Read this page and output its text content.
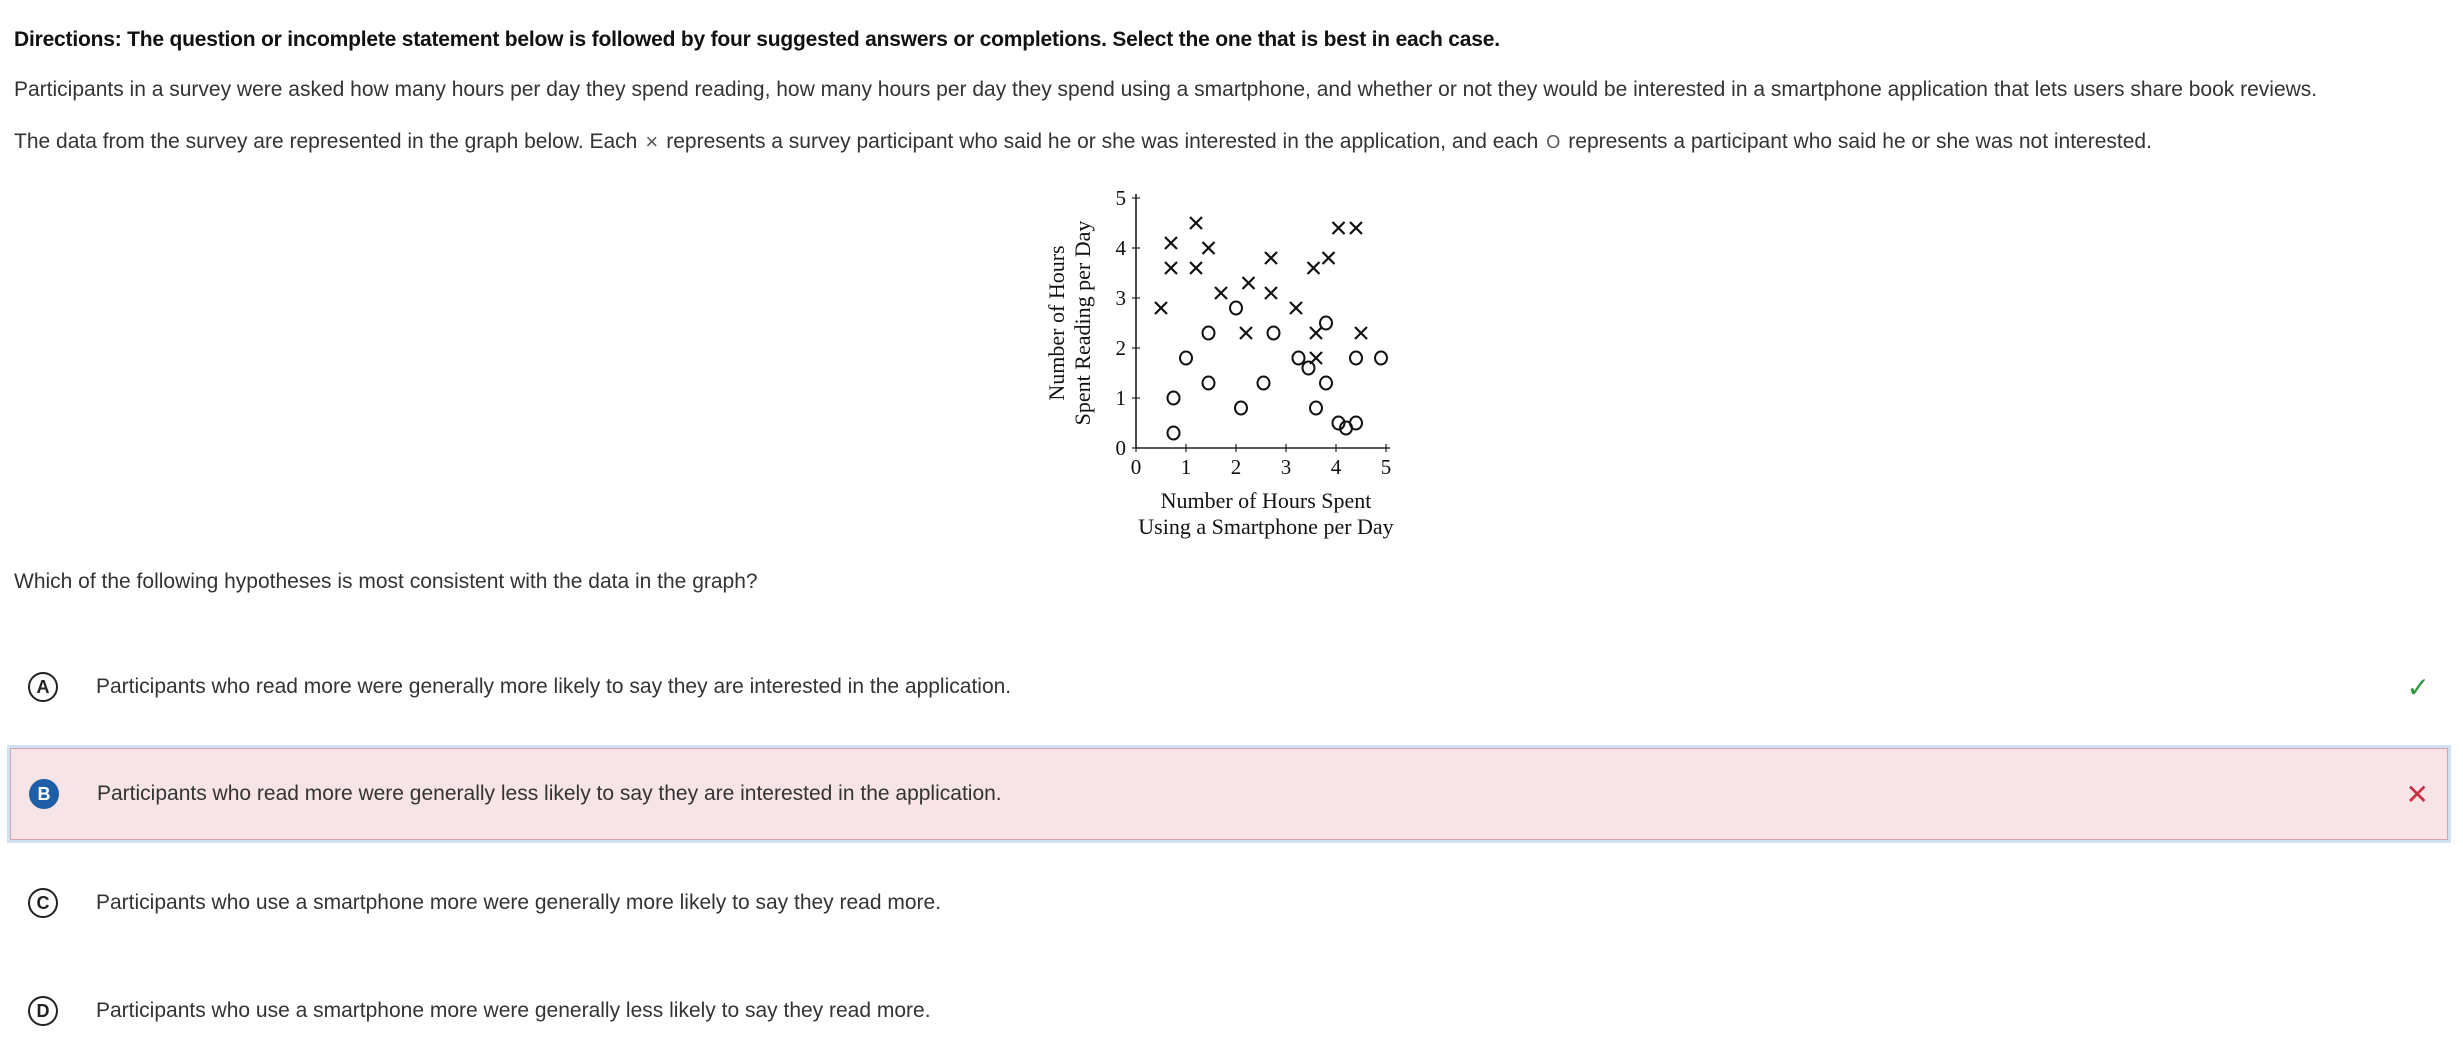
Directions: The question or incomplete statement below is followed by four suggested answers or completions. Select the one that is best in each case.
Participants in a survey were asked how many hours per day they spend reading, how many hours per day they spend using a smartphone, and whether or not they would be interested in a smartphone application that lets users share book reviews.
The data from the survey are represented in the graph below. Each × represents a survey participant who said he or she was interested in the application, and each O represents a participant who said he or she was not interested.
0 1 2 3 4 5
0
1
2
3
4
5
Number of Hours Spent
Using a Smartphone per Day
Number of Hours Spent Reading per Day
Which of the following hypotheses is most consistent with the data in the graph?
A	Participants who read more were generally more likely to say they are interested in the application.	✓
B	Participants who read more were generally less likely to say they are interested in the application.	✕
C	Participants who use a smartphone more were generally more likely to say they read more.
D	Participants who use a smartphone more were generally less likely to say they read more.
